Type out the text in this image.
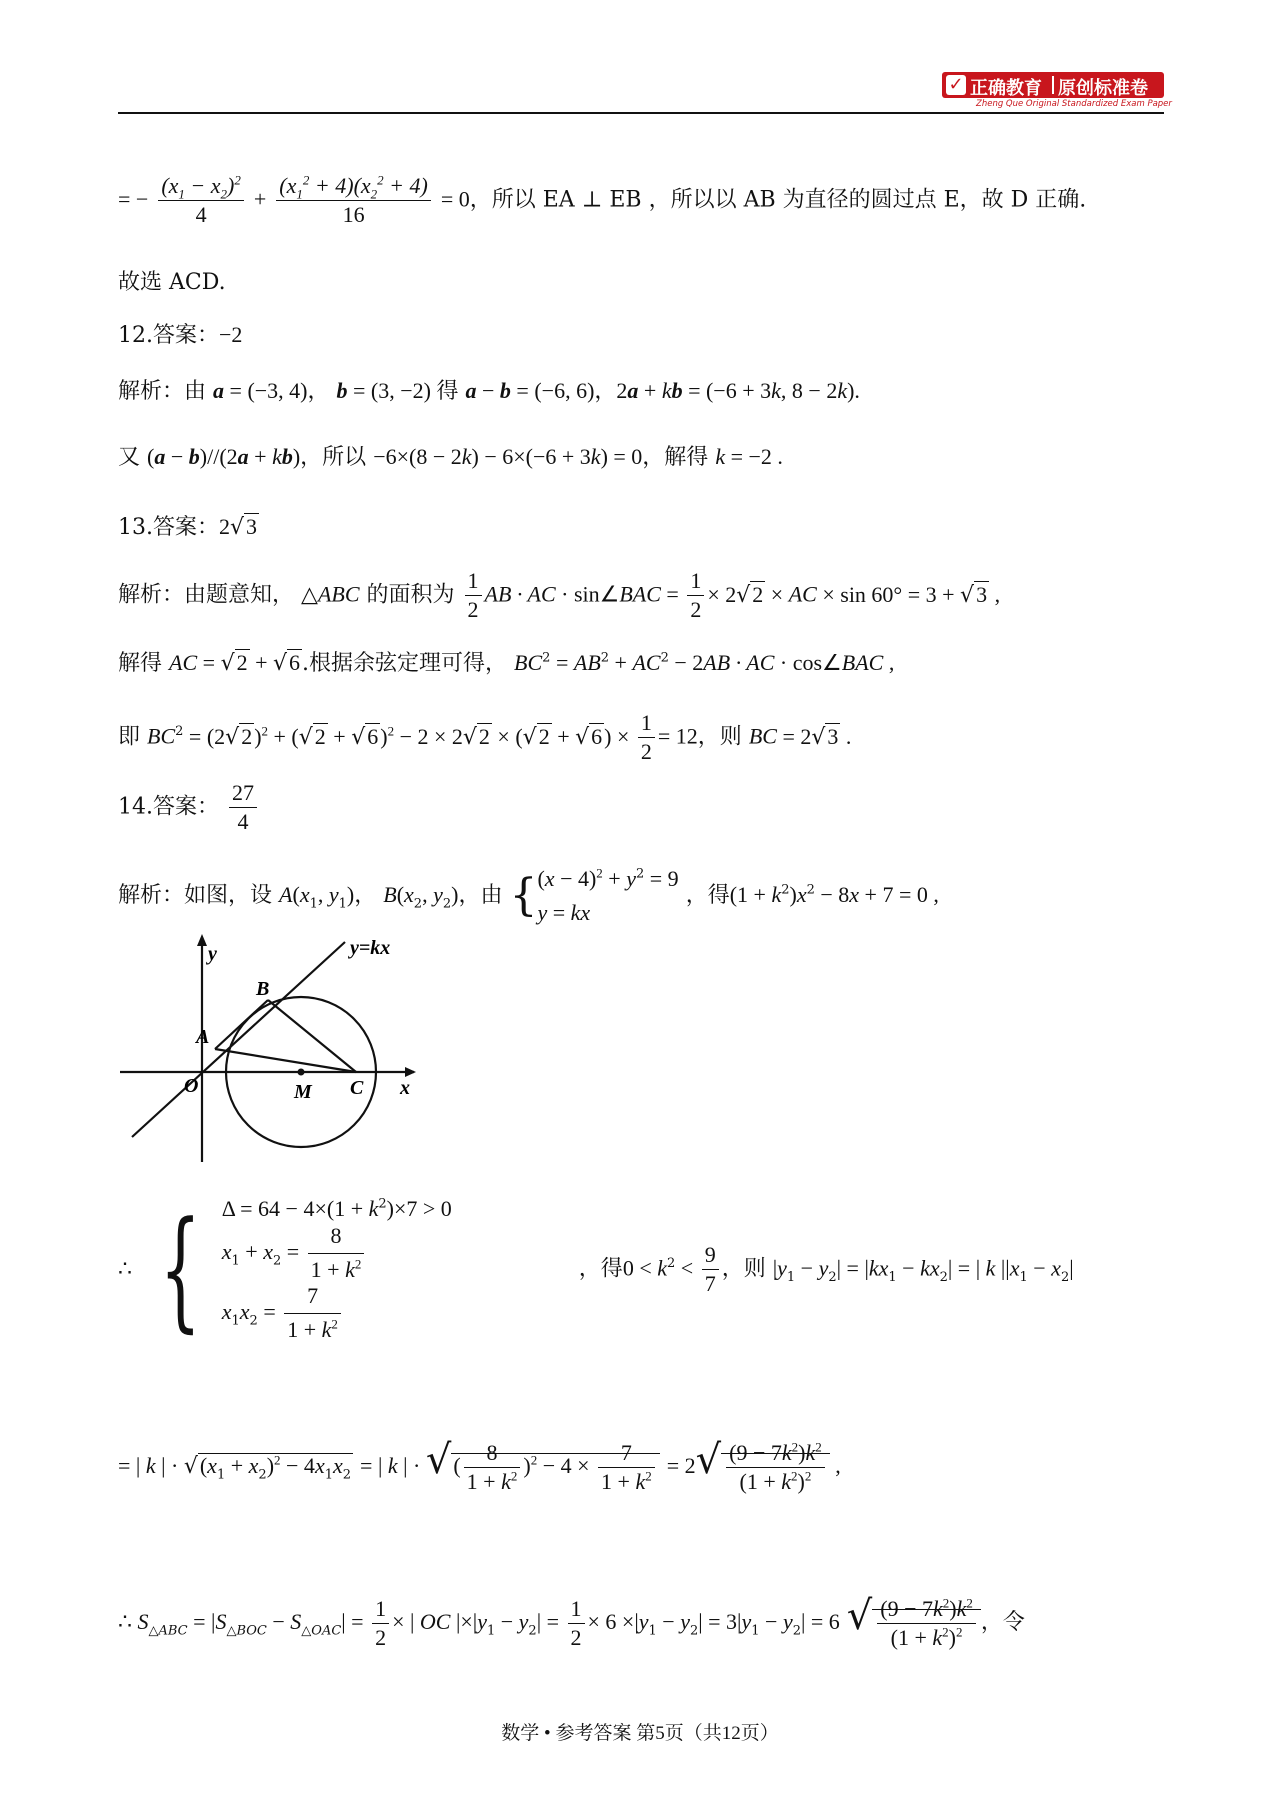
✓ 正确教育 原创标准卷
Zheng Que Original Standardized Exam Paper
= − $\frac{(x_1 - x_2)^2}{4} + \frac{(x_1^2 + 4)(x_2^2 + 4)}{16} = 0$，所以 EA ⊥ EB ，所以以 AB 为直径的圆过点 E，故 D 正确.
故选 ACD.
12.答案：−2
解析：由 a = (−3, 4)， b = (3, −2) 得 a − b = (−6, 6)，2a + kb = (−6 + 3k, 8 − 2k).
又 (a − b)//(2a + kb)，所以 −6×(8 − 2k) − 6×(−6 + 3k) = 0，解得 k = −2 .
13.答案：2√3
解析：由题意知， △ABC 的面积为 $\frac{1}{2}$ AB · AC · sin∠BAC = $\frac{1}{2} \times 2√2$ × AC × sin 60° = 3 + √3 ,
解得 AC = √2 + √6.根据余弦定理可得， $BC^2 = AB^2 + AC^2 - 2AB$ · AC · cos∠BAC ,
即 $BC^2 = (2√2)^2 + (√2 + √6)^2 - 2 \times 2√2 \times (√2 + √6) \times \frac{1}{2} = 12$，则 BC = 2√3 .
14.答案： $\frac{27}{4}$
解析：如图，设 $A(x_1$, $y_1$)， $B(x_2$, $y_2$)，由 {$(x - 4)^2 + y^2 = 9$
y = kx ，得$(1 + k^2)x^2 - 8x + 7 = 0$ ,
y	y=kx
B
A
O	M C x
∴ { $\Delta = 64 - 4\times(1 + k^2)\times 7 > 0$
$x_1 + x_2 = \frac{8}{1 + k^2}$

$x_1x_2 = \frac{7}{1 + k^2}$
，得$0 < k^2 < \frac{9}{7}$ ，则 $|y_1 - y_2| = |kx_1 - kx_2|$ = | k $||x_1 - x_2|$
= | k | · $√(x_1 + x_2)^2 - 4x_1x_2$ = | k | · √( $\frac{8}{1 + k^2} )^2 - 4 \times \frac{7}{1 + k^2} = 2√ \frac{(9 - 7k^2)k^2}{(1 + k^2)^2}$ ,
∴ $S_{\triangle ABC} = |S_{\triangle BOC} - S_{\triangle OAC}| = \frac{1}{2}$ × | OC $|\times|y_1 - y_2| = \frac{1}{2} \times 6 \times|y_1 - y_2| = 3|y_1 - y_2| = 6$ √ $\frac{(9 - 7k^2)k^2}{(1 + k^2)^2}$ ，令
数学 • 参考答案 第5页（共12页）
